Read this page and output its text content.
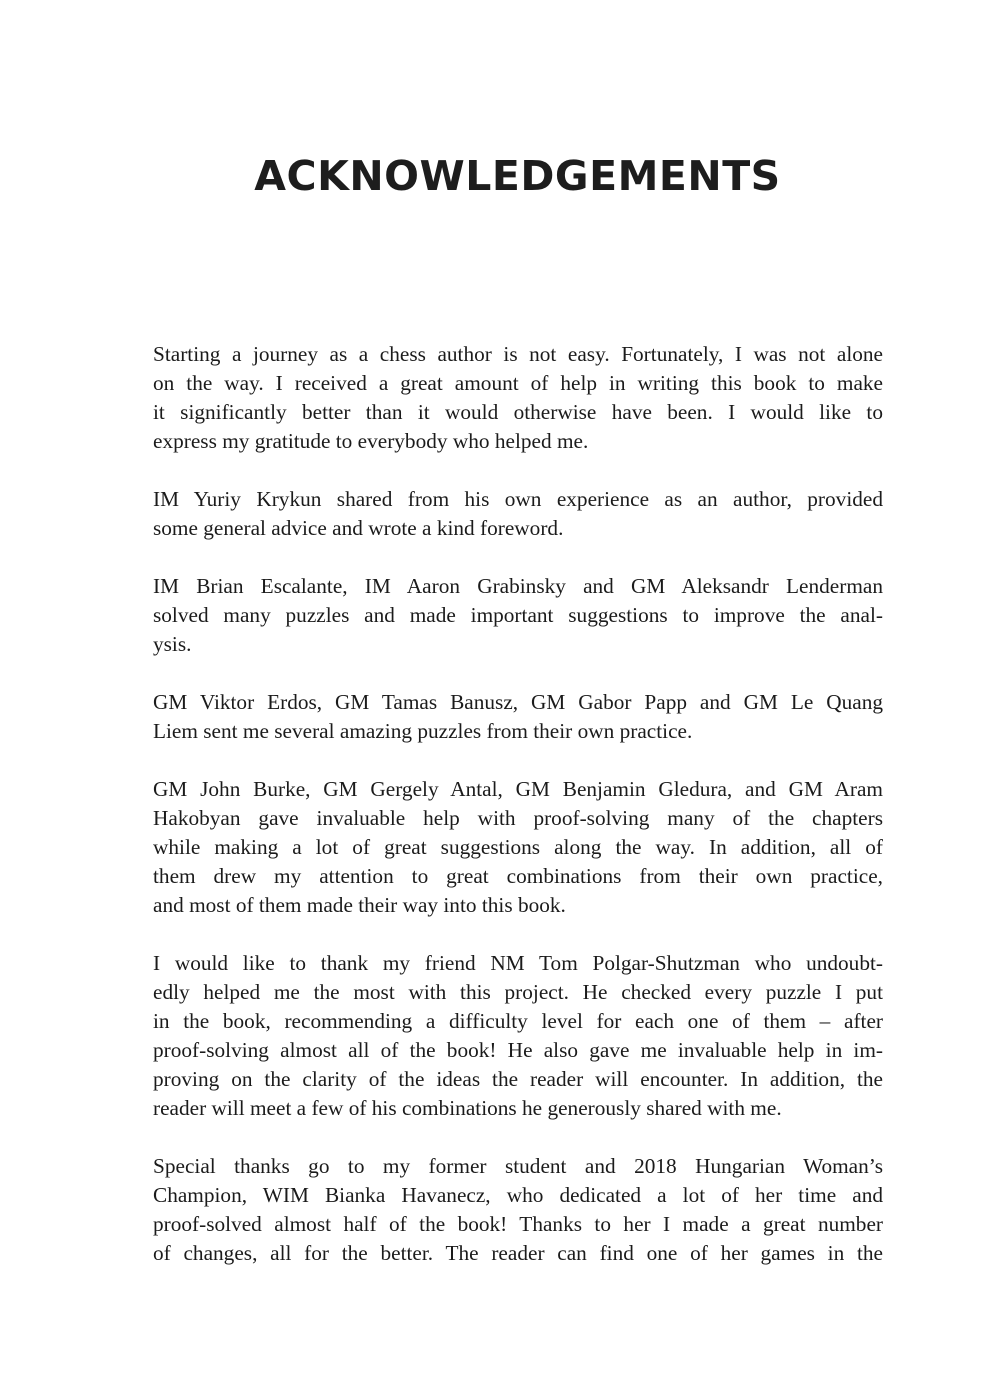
ACKNOWLEDGEMENTS

Starting a journey as a chess author is not easy. Fortunately, I was not alone
on the way. I received a great amount of help in writing this book to make
it significantly better than it would otherwise have been. I would like to
express my gratitude to everybody who helped me.

IM Yuriy Krykun shared from his own experience as an author, provided
some general advice and wrote a kind foreword.

IM Brian Escalante, IM Aaron Grabinsky and GM Aleksandr Lenderman
solved many puzzles and made important suggestions to improve the anal-
ysis.

GM Viktor Erdos, GM Tamas Banusz, GM Gabor Papp and GM Le Quang
Liem sent me several amazing puzzles from their own practice.

GM John Burke, GM Gergely Antal, GM Benjamin Gledura, and GM Aram
Hakobyan gave invaluable help with proof-solving many of the chapters
while making a lot of great suggestions along the way. In addition, all of
them drew my attention to great combinations from their own practice,
and most of them made their way into this book.

I would like to thank my friend NM Tom Polgar-Shutzman who undoubt-
edly helped me the most with this project. He checked every puzzle I put
in the book, recommending a difficulty level for each one of them – after
proof-solving almost all of the book! He also gave me invaluable help in im-
proving on the clarity of the ideas the reader will encounter. In addition, the
reader will meet a few of his combinations he generously shared with me.

Special thanks go to my former student and 2018 Hungarian Woman’s
Champion, WIM Bianka Havanecz, who dedicated a lot of her time and
proof-solved almost half of the book! Thanks to her I made a great number
of changes, all for the better. The reader can find one of her games in the
